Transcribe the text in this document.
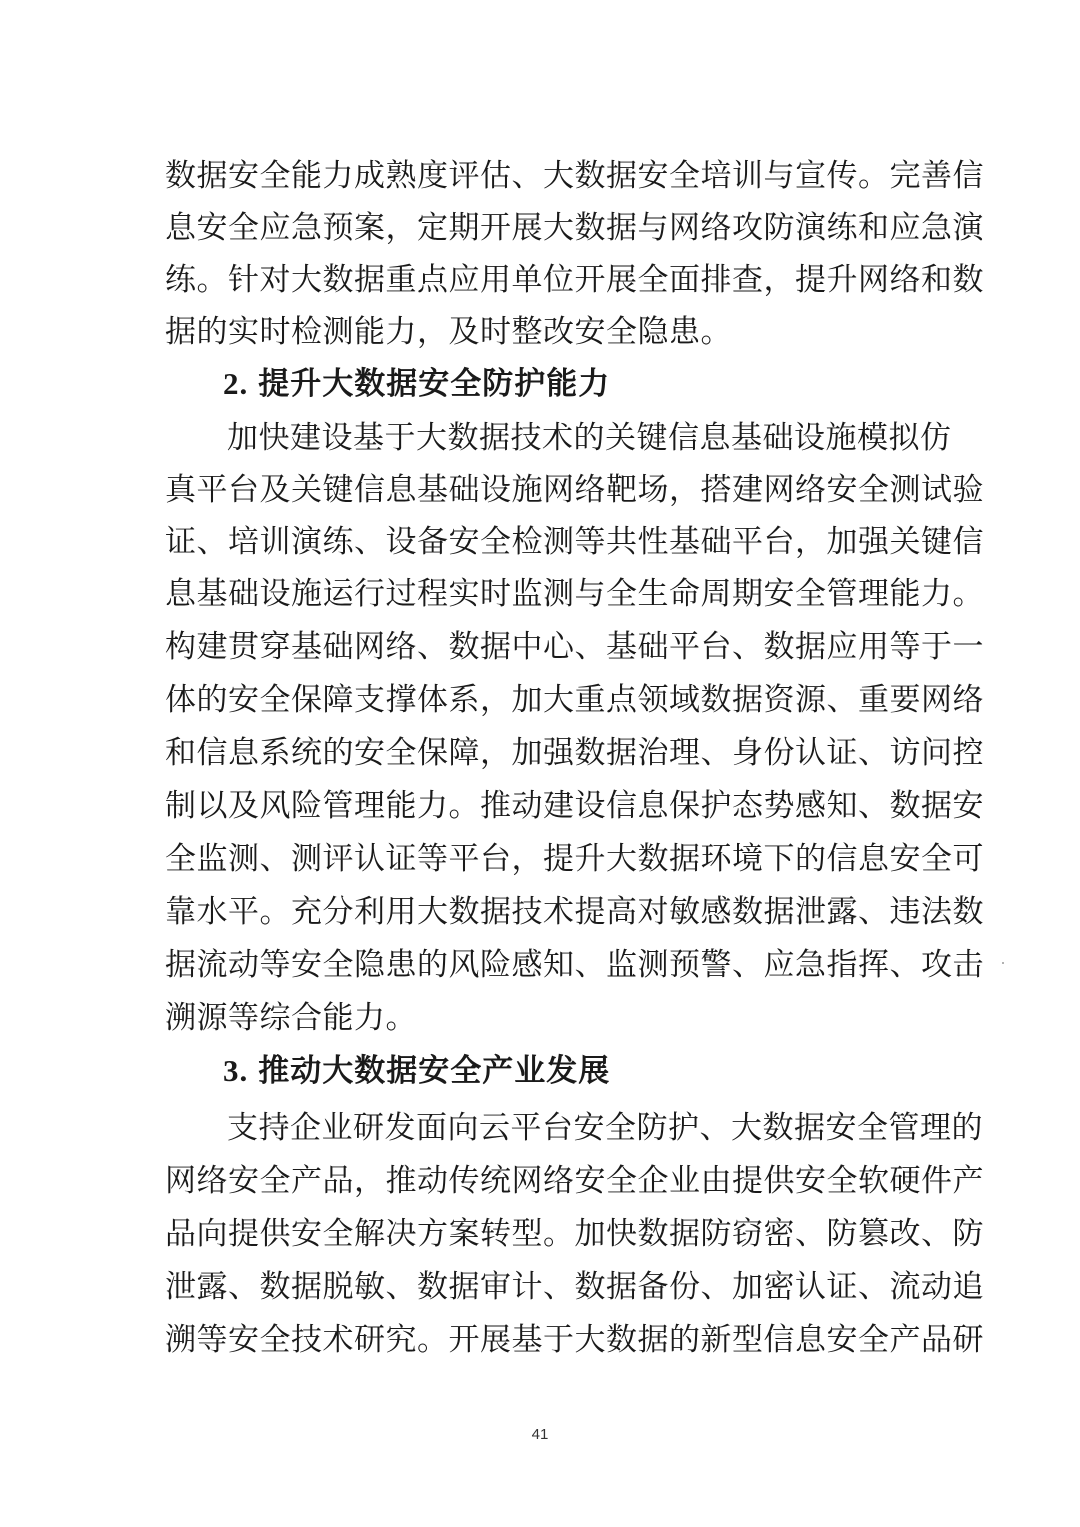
数据安全能力成熟度评估、大数据安全培训与宣传。完善信
息安全应急预案，定期开展大数据与网络攻防演练和应急演
练。针对大数据重点应用单位开展全面排查，提升网络和数
据的实时检测能力，及时整改安全隐患。
2. 提升大数据安全防护能力
加快建设基于大数据技术的关键信息基础设施模拟仿
真平台及关键信息基础设施网络靶场，搭建网络安全测试验
证、培训演练、设备安全检测等共性基础平台，加强关键信
息基础设施运行过程实时监测与全生命周期安全管理能力。
构建贯穿基础网络、数据中心、基础平台、数据应用等于一
体的安全保障支撑体系，加大重点领域数据资源、重要网络
和信息系统的安全保障，加强数据治理、身份认证、访问控
制以及风险管理能力。推动建设信息保护态势感知、数据安
全监测、测评认证等平台，提升大数据环境下的信息安全可
靠水平。充分利用大数据技术提高对敏感数据泄露、违法数
据流动等安全隐患的风险感知、监测预警、应急指挥、攻击
溯源等综合能力。
3. 推动大数据安全产业发展
支持企业研发面向云平台安全防护、大数据安全管理的
网络安全产品，推动传统网络安全企业由提供安全软硬件产
品向提供安全解决方案转型。加快数据防窃密、防篡改、防
泄露、数据脱敏、数据审计、数据备份、加密认证、流动追
溯等安全技术研究。开展基于大数据的新型信息安全产品研
41
